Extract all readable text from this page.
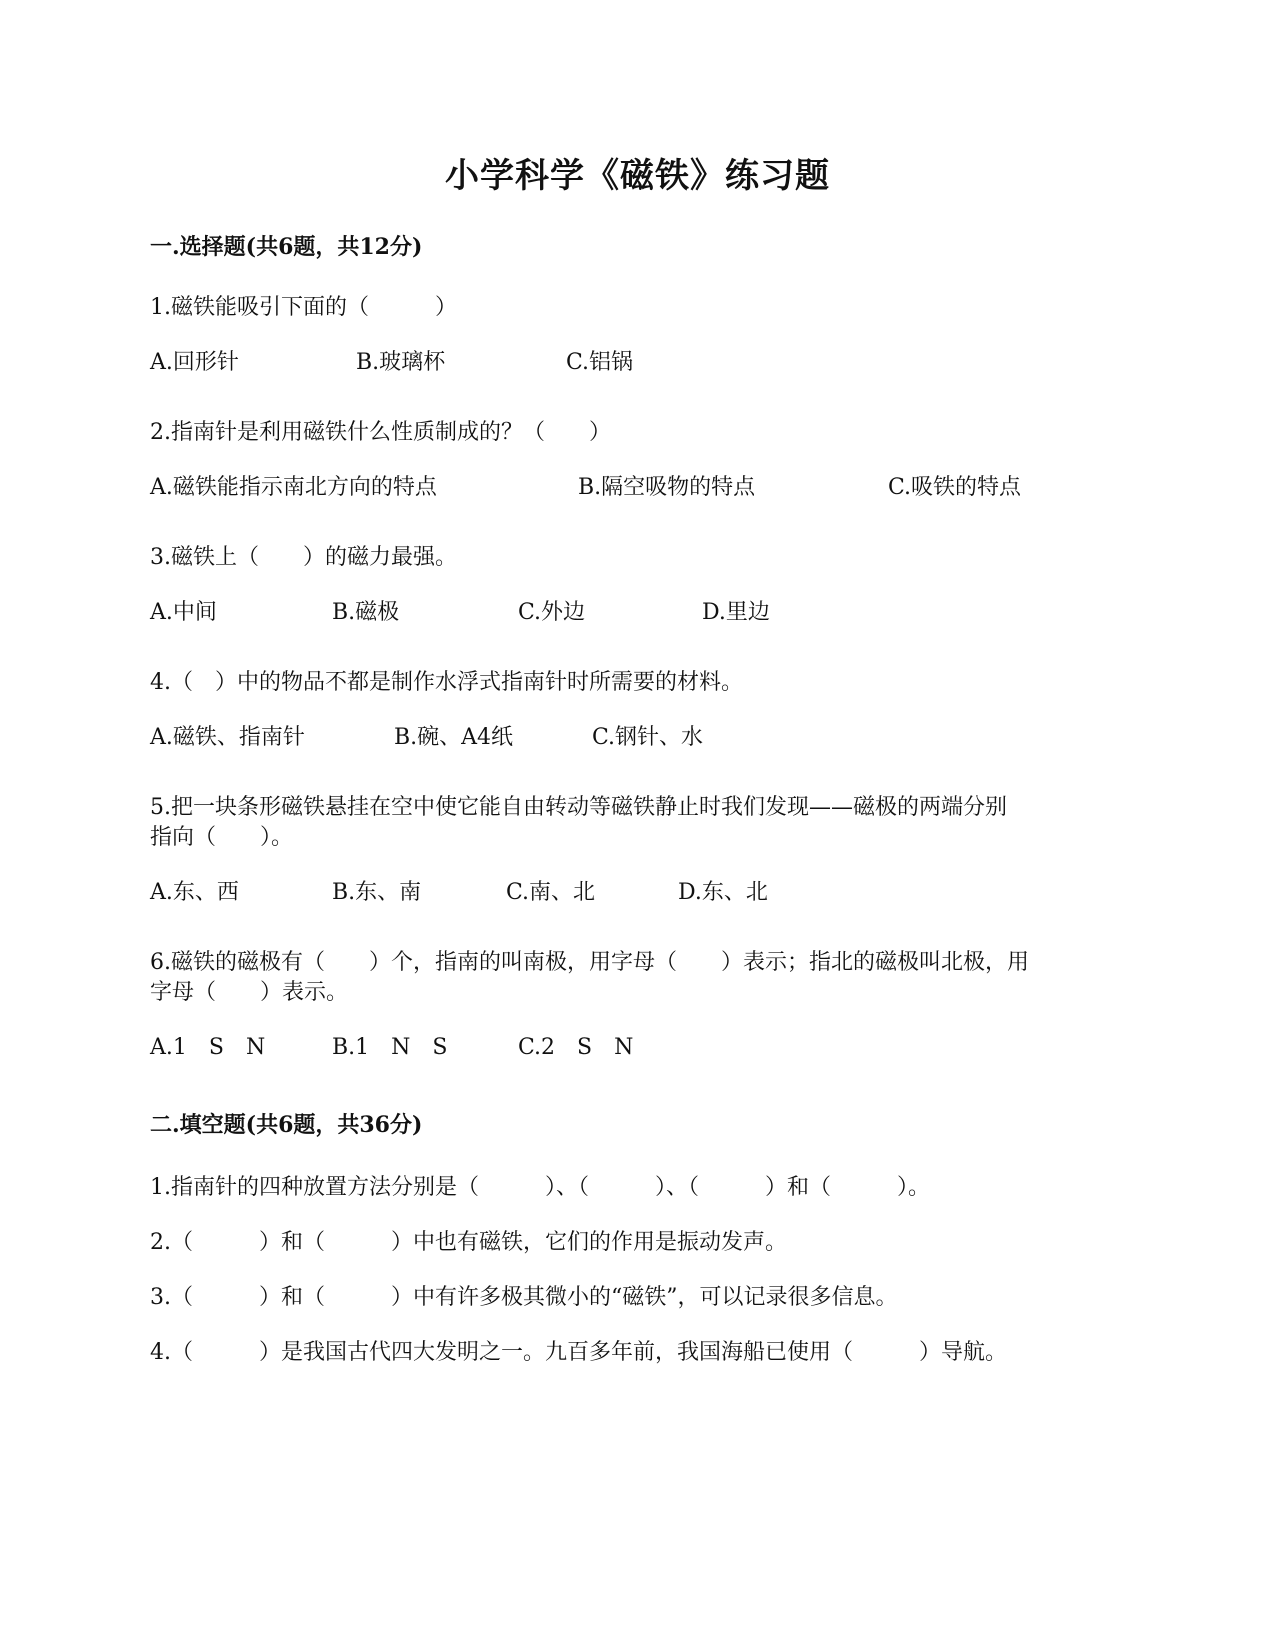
小学科学《磁铁》练习题
一.选择题(共6题，共12分)
1.磁铁能吸引下面的（　　　）
A.回形针	B.玻璃杯	C.铝锅
2.指南针是利用磁铁什么性质制成的？（　　）
A.磁铁能指示南北方向的特点	B.隔空吸物的特点	C.吸铁的特点
3.磁铁上（　　）的磁力最强。
A.中间	B.磁极	C.外边	D.里边
4.（　）中的物品不都是制作水浮式指南针时所需要的材料。
A.磁铁、指南针	B.碗、A4纸	C.钢针、水
5.把一块条形磁铁悬挂在空中使它能自由转动等磁铁静止时我们发现——磁极的两端分别
指向（　　）。
A.东、西	B.东、南	C.南、北	D.东、北
6.磁铁的磁极有（　　）个，指南的叫南极，用字母（　　）表示；指北的磁极叫北极，用
字母（　　）表示。
A.1　S　N	B.1　N　S	C.2　S　N
二.填空题(共6题，共36分)
1.指南针的四种放置方法分别是（　　　）、（　　　）、（　　　）和（　　　）。
2.（　　　）和（　　　）中也有磁铁，它们的作用是振动发声。
3.（　　　）和（　　　）中有许多极其微小的“磁铁”，可以记录很多信息。
4.（　　　）是我国古代四大发明之一。九百多年前，我国海船已使用（　　　）导航。
